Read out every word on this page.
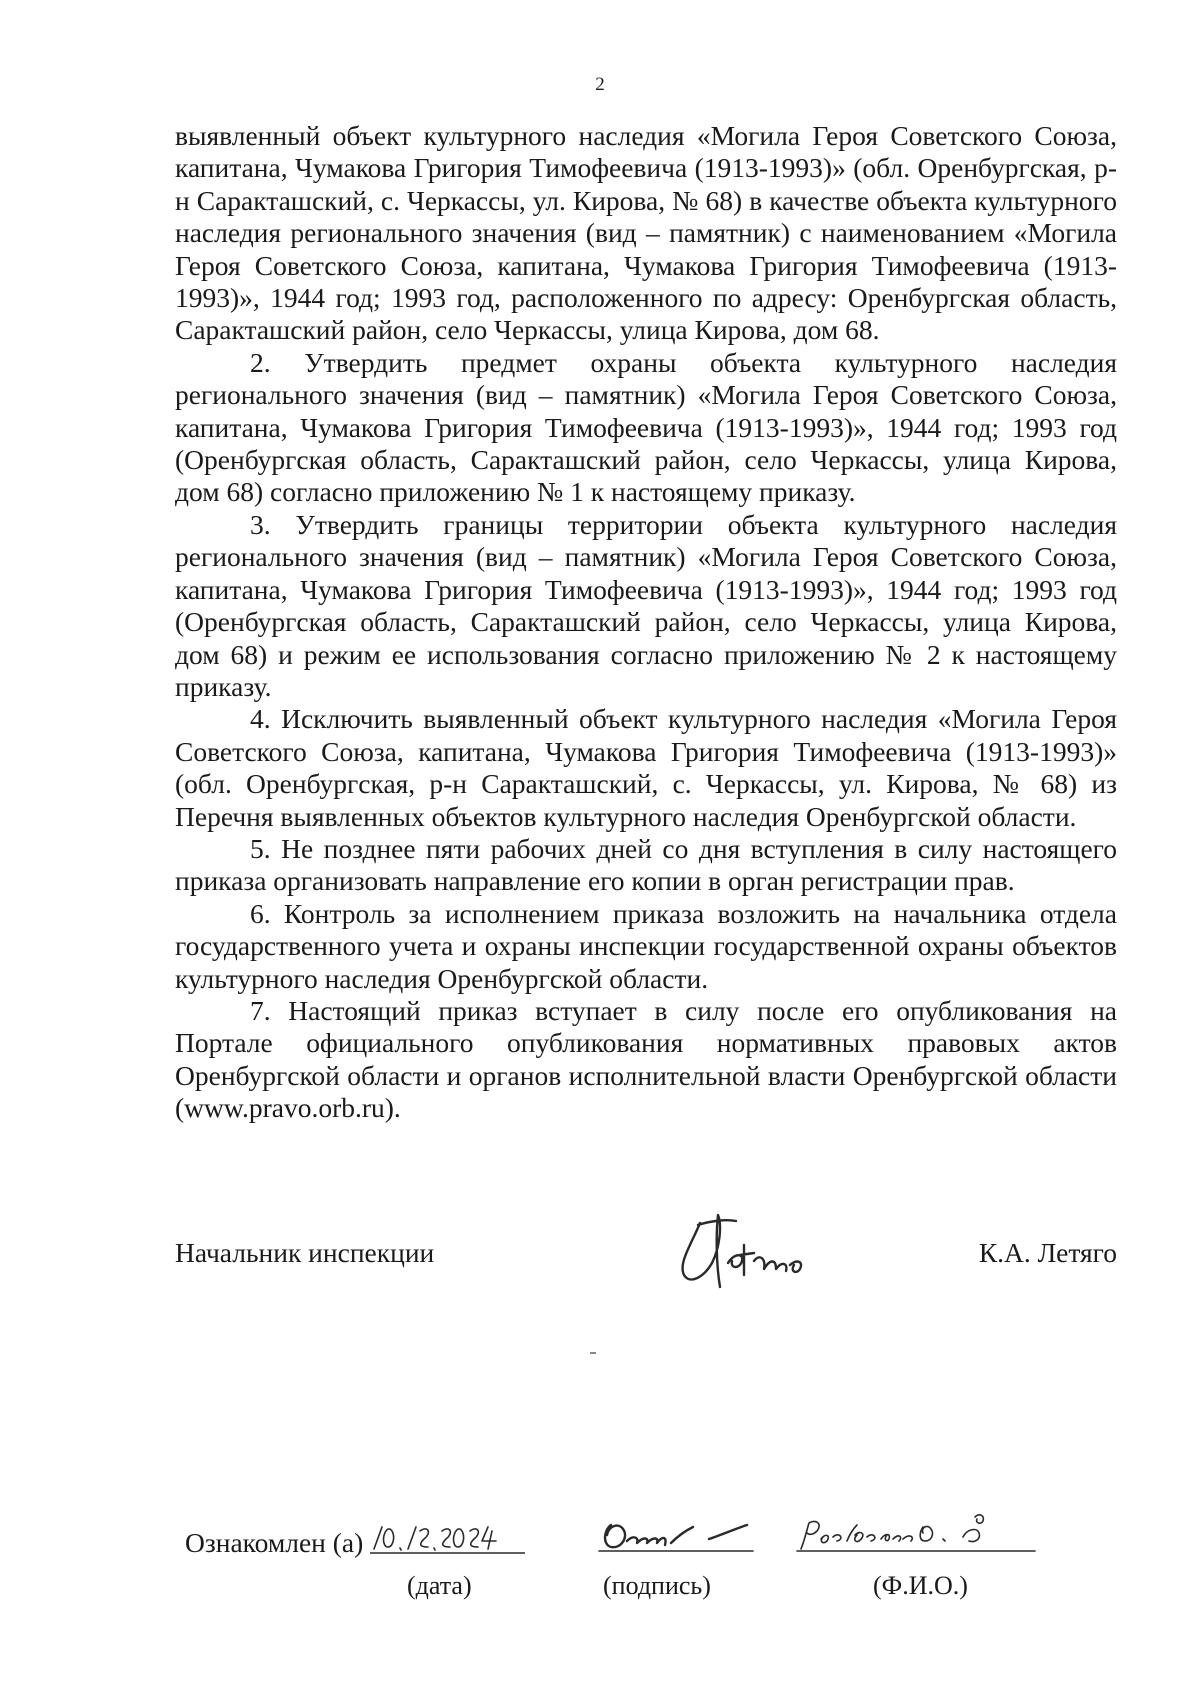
2

выявленный объект культурного наследия «Могила Героя Советского Союза, капитана, Чумакова Григория Тимофеевича (1913-1993)» (обл. Оренбургская, р-н Саракташский, с. Черкассы, ул. Кирова, № 68) в качестве объекта культурного наследия регионального значения (вид – памятник) с наименованием «Могила Героя Советского Союза, капитана, Чумакова Григория Тимофеевича (1913-1993)», 1944 год; 1993 год, расположенного по адресу: Оренбургская область, Саракташский район, село Черкассы, улица Кирова, дом 68.

2. Утвердить предмет охраны объекта культурного наследия регионального значения (вид – памятник) «Могила Героя Советского Союза, капитана, Чумакова Григория Тимофеевича (1913-1993)», 1944 год; 1993 год (Оренбургская область, Саракташский район, село Черкассы, улица Кирова, дом 68) согласно приложению № 1 к настоящему приказу.

3. Утвердить границы территории объекта культурного наследия регионального значения (вид – памятник) «Могила Героя Советского Союза, капитана, Чумакова Григория Тимофеевича (1913-1993)», 1944 год; 1993 год (Оренбургская область, Саракташский район, село Черкассы, улица Кирова, дом 68) и режим ее использования согласно приложению № 2 к настоящему приказу.

4. Исключить выявленный объект культурного наследия «Могила Героя Советского Союза, капитана, Чумакова Григория Тимофеевича (1913-1993)» (обл. Оренбургская, р-н Саракташский, с. Черкассы, ул. Кирова, № 68) из Перечня выявленных объектов культурного наследия Оренбургской области.

5. Не позднее пяти рабочих дней со дня вступления в силу настоящего приказа организовать направление его копии в орган регистрации прав.

6. Контроль за исполнением приказа возложить на начальника отдела государственного учета и охраны инспекции государственной охраны объектов культурного наследия Оренбургской области.

7. Настоящий приказ вступает в силу после его опубликования на Портале официального опубликования нормативных правовых актов Оренбургской области и органов исполнительной власти Оренбургской области (www.pravo.orb.ru).

Начальник инспекции	К.А. Летяго
Ознакомлен (а)
(дата)	(подпись)	(Ф.И.О.)
